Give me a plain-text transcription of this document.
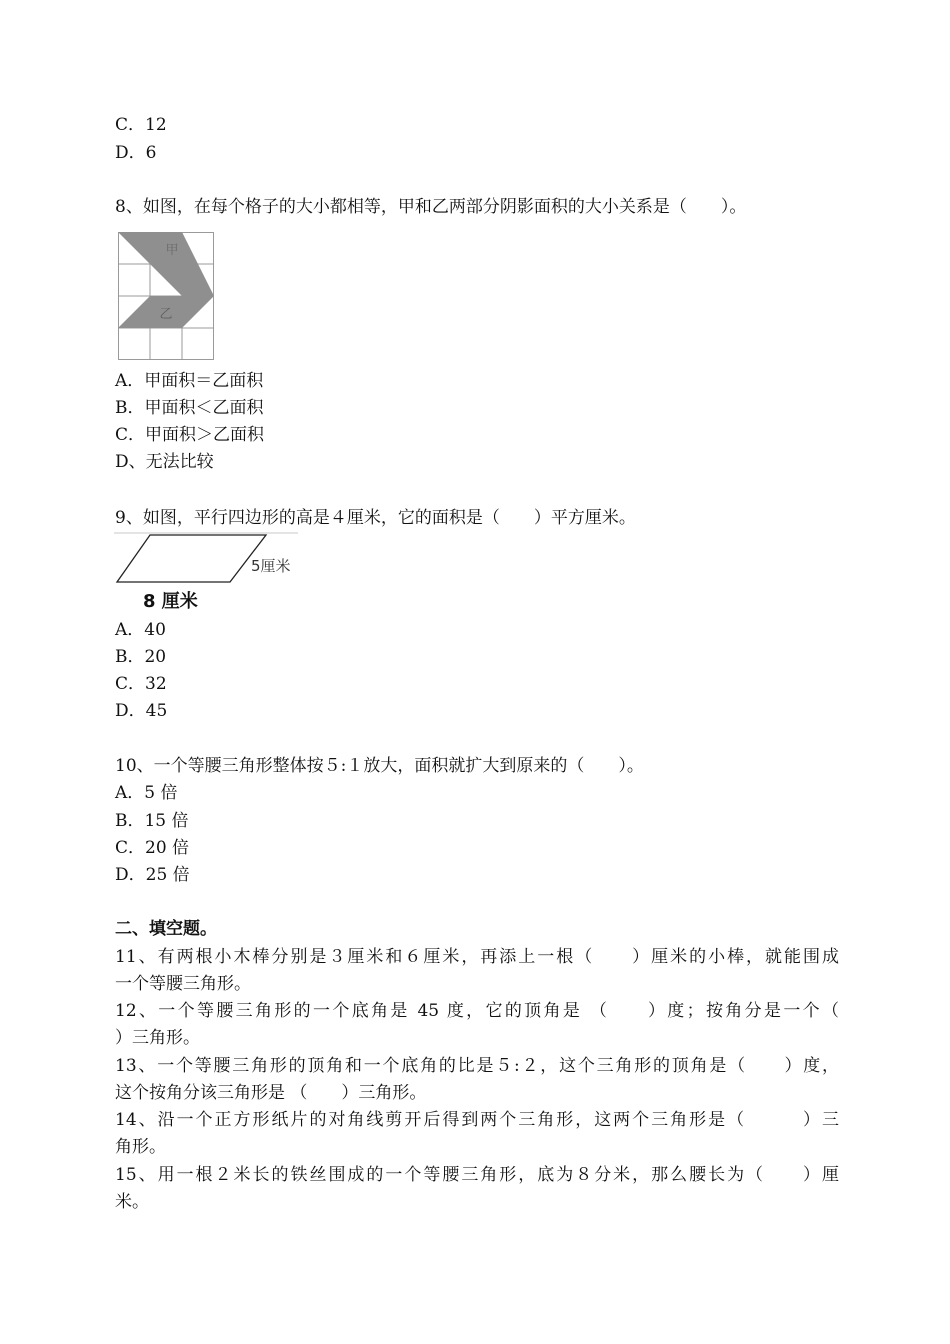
C．12
D．6
8、如图，在每个格子的大小都相等，甲和乙两部分阴影面积的大小关系是（　　）。
甲
乙
A．甲面积＝乙面积
B．甲面积＜乙面积
C．甲面积＞乙面积
D、无法比较
9、如图，平行四边形的高是４厘米，它的面积是（　　）平方厘米。
5厘米
8 厘米
A．40
B．20
C．32
D．45
10、一个等腰三角形整体按５:１放大，面积就扩大到原来的（　　）。
A．5 倍
B．15 倍
C．20 倍
D．25 倍
二、填空题。
11、有两根小木棒分别是３厘米和６厘米，再添上一根（　　）厘米的小棒，就能围成
一个等腰三角形。
12、一个等腰三角形的一个底角是 45 度，它的顶角是 （　　）度；按角分是一个（
）三角形。
13、一个等腰三角形的顶角和一个底角的比是５:２，这个三角形的顶角是（　　）度，
这个按角分该三角形是 （　　）三角形。
14、沿一个正方形纸片的对角线剪开后得到两个三角形，这两个三角形是（　　　）三
角形。
15、用一根２米长的铁丝围成的一个等腰三角形，底为８分米，那么腰长为（　　）厘
米。
